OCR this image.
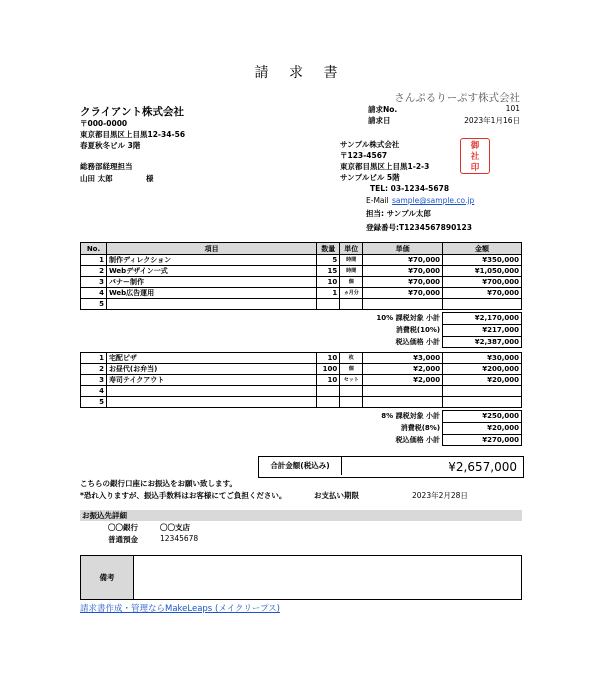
請 求 書
さんぷるりーぷす株式会社
クライアント株式会社
〒000-0000
東京都目黒区上目黒12-34-56
春夏秋冬ビル 3階
総務部経理担当
山田 太郎	様
請求No.	101
請求日	2023年1月16日
サンプル株式会社
〒123-4567
東京都目黒区上目黒1-2-3
サンプルビル 5階
TEL: 03-1234-5678
E-Mail sample@sample.co.jp
担当: サンプル太郎
登録番号:T1234567890123
御
社
印
No.	項目	数量	単位	単価	金額
1	制作ディレクション	5	時間	¥70,000	¥350,000
2	Webデザイン一式	15	時間	¥70,000	¥1,050,000
3	バナー制作	10	個	¥70,000	¥700,000
4	Web広告運用	1	ヵ月分	¥70,000	¥70,000
5					
	10% 課税対象 小計	¥2,170,000
	消費税(10%)	¥217,000
	税込価格 小計	¥2,387,000
1	宅配ピザ	10	枚	¥3,000	¥30,000
2	お昼代(お弁当)	100	個	¥2,000	¥200,000
3	寿司テイクアウト	10	セット	¥2,000	¥20,000
4					
5					
	8% 課税対象 小計	¥250,000
	消費税(8%)	¥20,000
	税込価格 小計	¥270,000
合計金額(税込み)	¥2,657,000
こちらの銀行口座にお振込をお願い致します。
*恐れ入りますが、振込手数料はお客様にてご負担ください。	お支払い期限	2023年2月28日
お振込先詳細
〇〇銀行	〇〇支店
普通預金	12345678
備考
請求書作成・管理ならMakeLeaps (メイクリープス)
